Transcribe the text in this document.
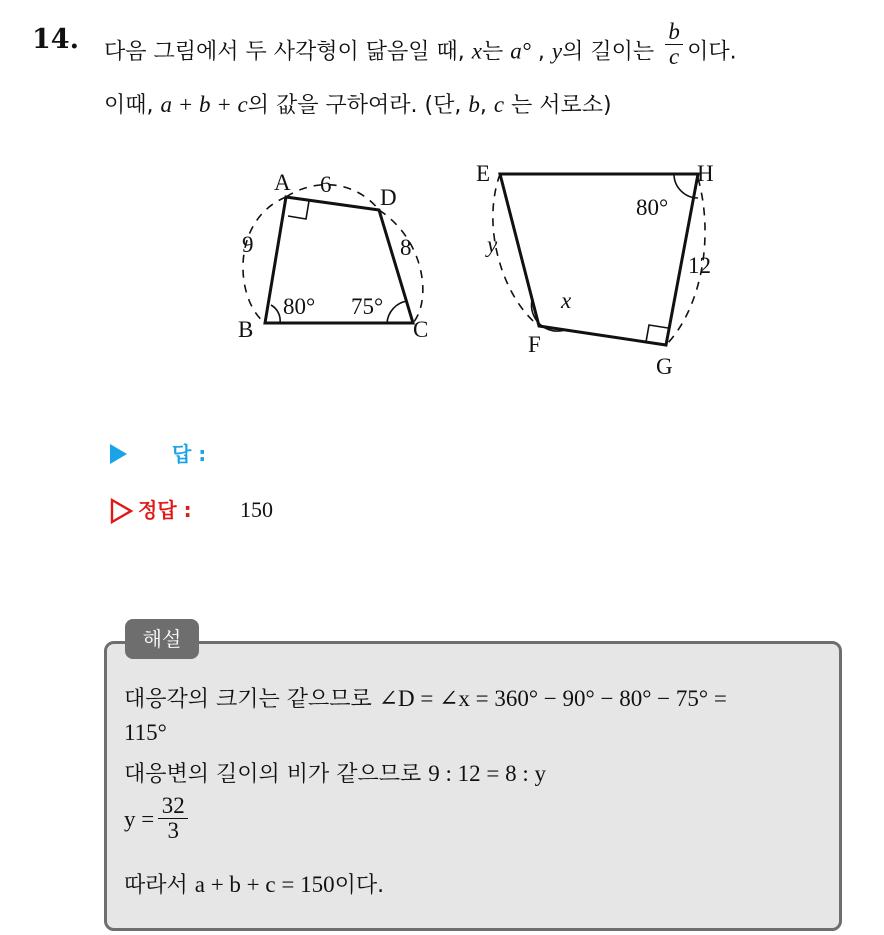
14. 다음 그림에서 두 사각형이 닮음일 때, x는 a° , y의 길이는 $\frac{b}{c}$ 이다.
이때, a + b + c의 값을 구하여라. (단, b, c 는 서로소)
A
B	C
D
6
9	8
80° 75°
E	H
F
G
80°
12
y
x
답 :
정답 : 150
해설
대응각의 크기는 같으므로 ∠D = ∠x = 360° − 90° − 80° − 75° =
115°
대응변의 길이의 비가 같으므로 9 : 12 = 8 : y
$y = \frac{32}{3}$
따라서 a + b + c = 150이다.
